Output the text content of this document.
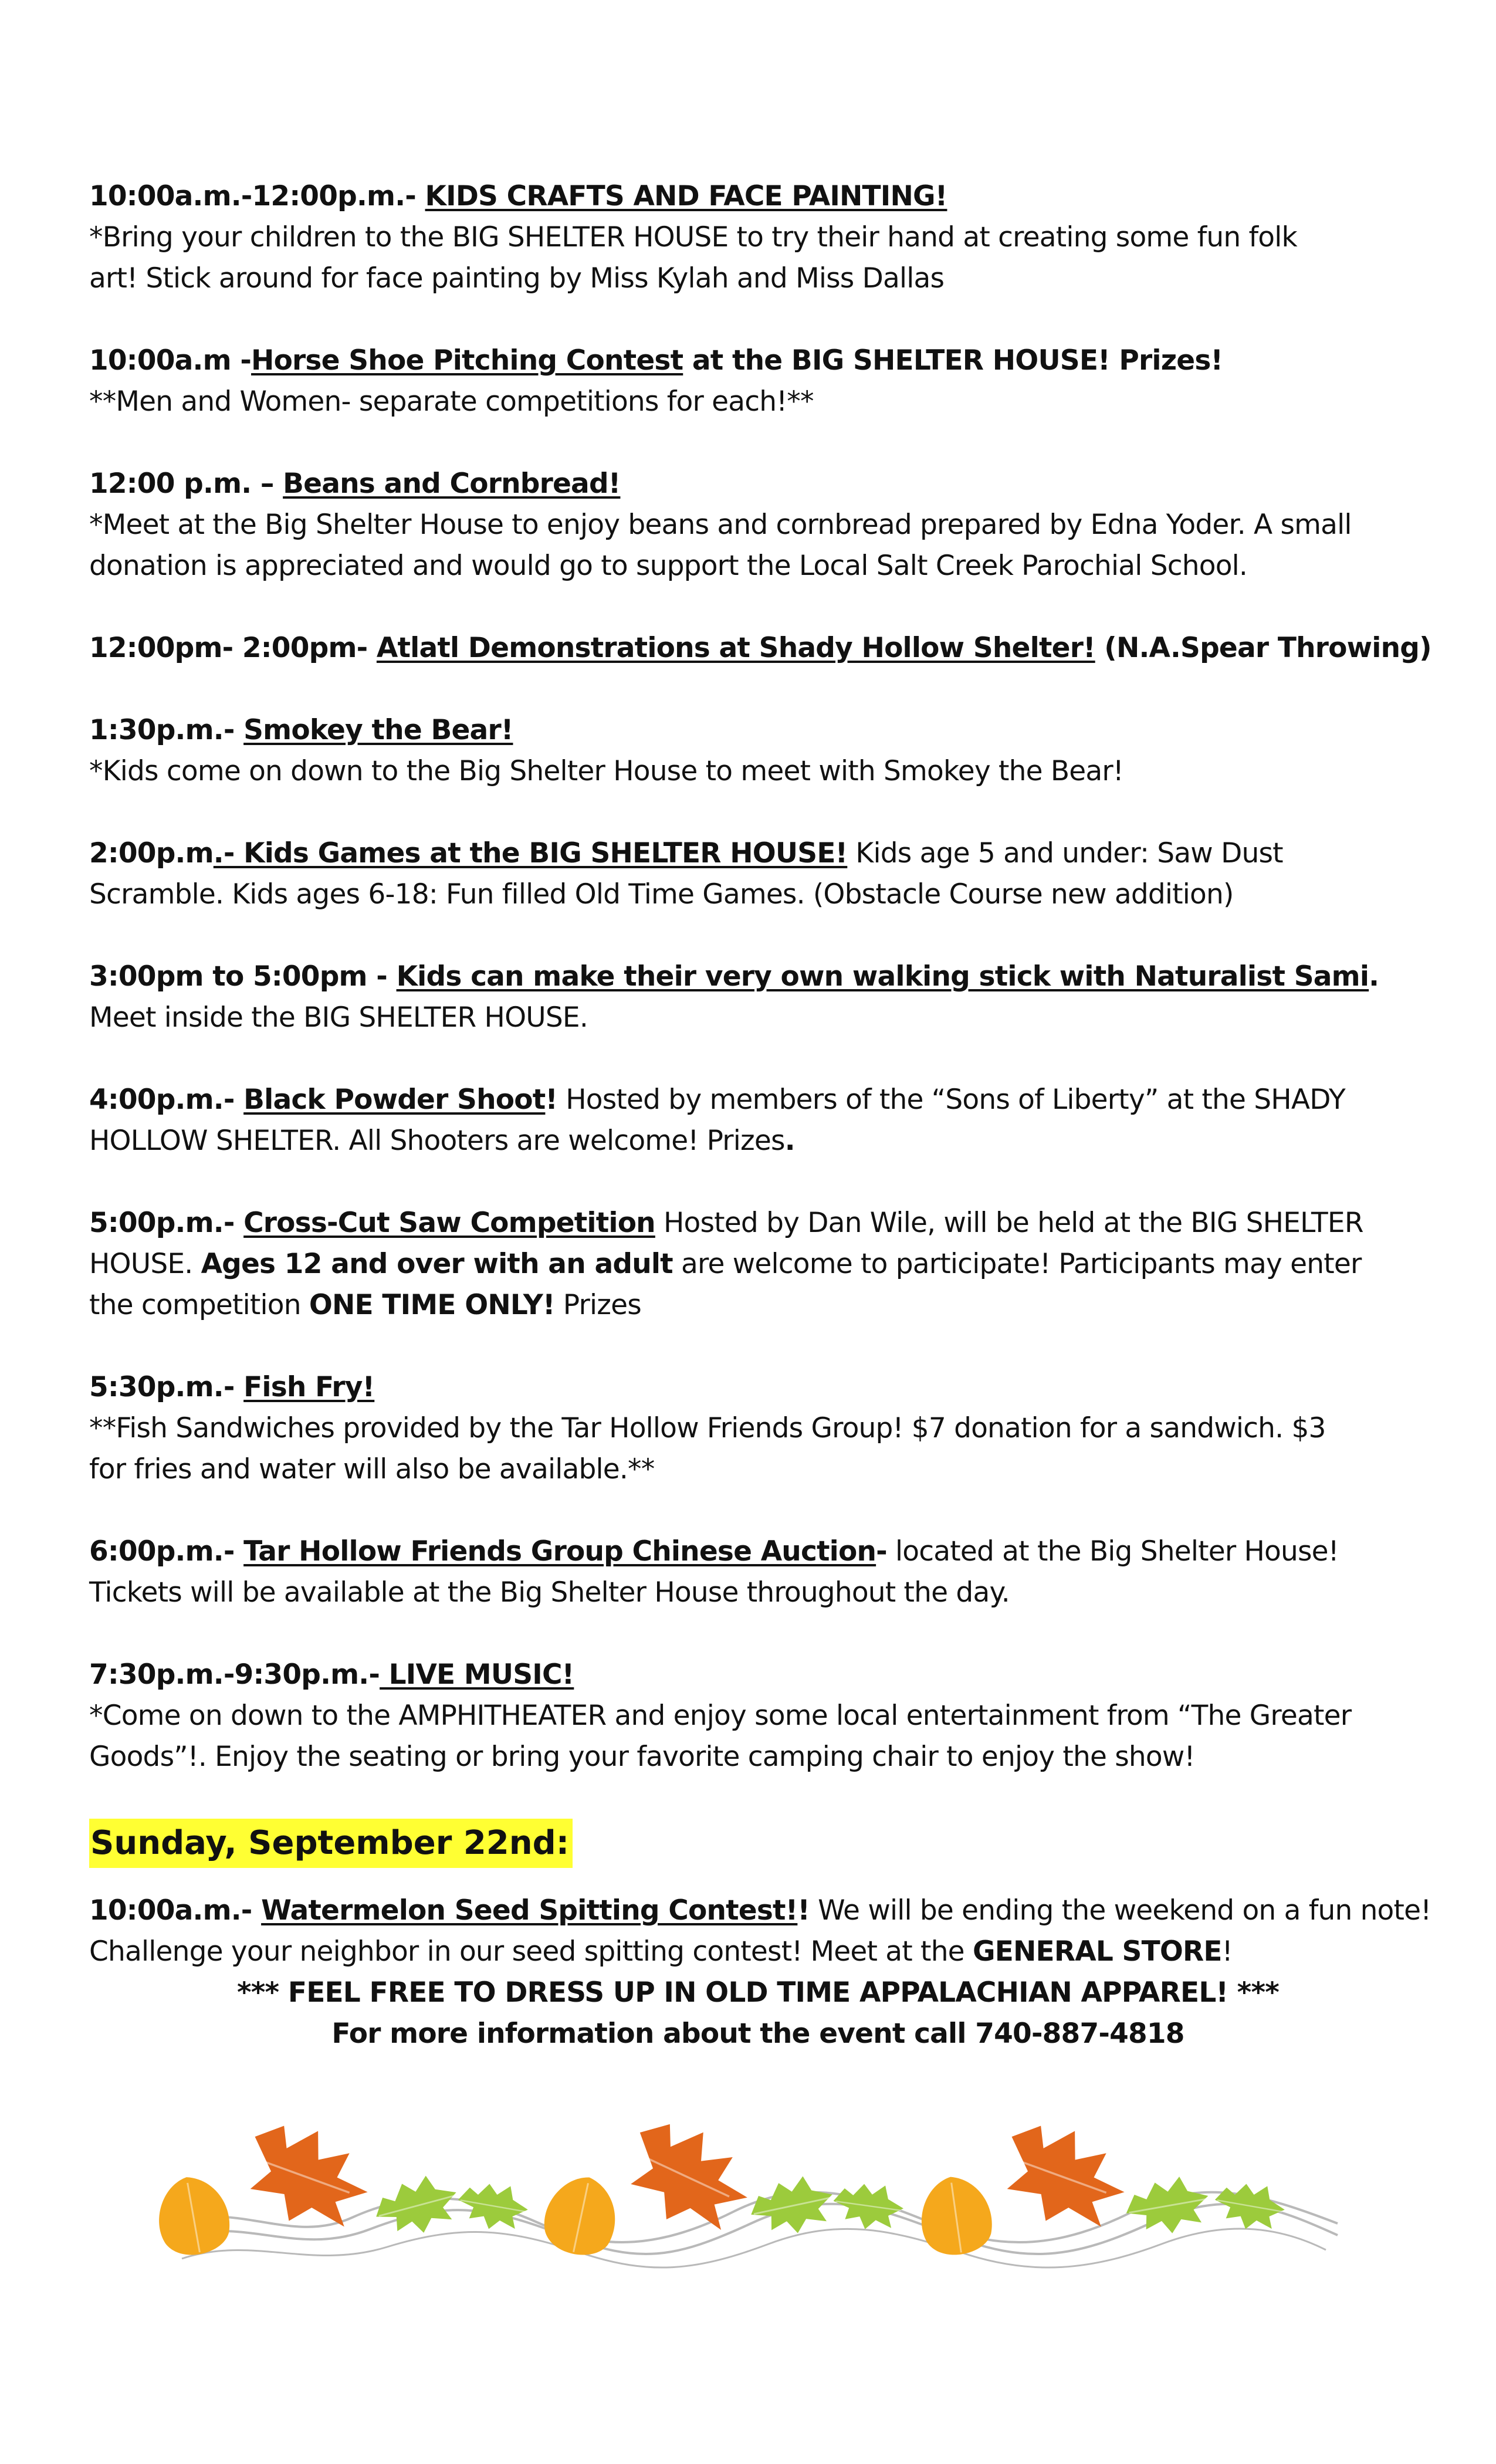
10:00a.m.-12:00p.m.- KIDS CRAFTS AND FACE PAINTING!
*Bring your children to the BIG SHELTER HOUSE to try their hand at creating some fun folk
art! Stick around for face painting by Miss Kylah and Miss Dallas
10:00a.m -Horse Shoe Pitching Contest at the BIG SHELTER HOUSE! Prizes!
**Men and Women- separate competitions for each!**
12:00 p.m. – Beans and Cornbread!
*Meet at the Big Shelter House to enjoy beans and cornbread prepared by Edna Yoder. A small
donation is appreciated and would go to support the Local Salt Creek Parochial School.
12:00pm- 2:00pm- Atlatl Demonstrations at Shady Hollow Shelter! (N.A.Spear Throwing)
1:30p.m.- Smokey the Bear!
*Kids come on down to the Big Shelter House to meet with Smokey the Bear!
2:00p.m.- Kids Games at the BIG SHELTER HOUSE! Kids age 5 and under: Saw Dust
Scramble. Kids ages 6-18: Fun filled Old Time Games. (Obstacle Course new addition)
3:00pm to 5:00pm - Kids can make their very own walking stick with Naturalist Sami.
Meet inside the BIG SHELTER HOUSE.
4:00p.m.- Black Powder Shoot! Hosted by members of the “Sons of Liberty” at the SHADY
HOLLOW SHELTER. All Shooters are welcome! Prizes.
5:00p.m.- Cross-Cut Saw Competition Hosted by Dan Wile, will be held at the BIG SHELTER
HOUSE. Ages 12 and over with an adult are welcome to participate! Participants may enter
the competition ONE TIME ONLY! Prizes
5:30p.m.- Fish Fry!
**Fish Sandwiches provided by the Tar Hollow Friends Group! $7 donation for a sandwich. $3
for fries and water will also be available.**
6:00p.m.- Tar Hollow Friends Group Chinese Auction- located at the Big Shelter House!
Tickets will be available at the Big Shelter House throughout the day.
7:30p.m.-9:30p.m.- LIVE MUSIC!
*Come on down to the AMPHITHEATER and enjoy some local entertainment from “The Greater
Goods”!. Enjoy the seating or bring your favorite camping chair to enjoy the show!
Sunday, September 22nd:
10:00a.m.- Watermelon Seed Spitting Contest!! We will be ending the weekend on a fun note!
Challenge your neighbor in our seed spitting contest! Meet at the GENERAL STORE!
*** FEEL FREE TO DRESS UP IN OLD TIME APPALACHIAN APPAREL! ***
For more information about the event call 740-887-4818
